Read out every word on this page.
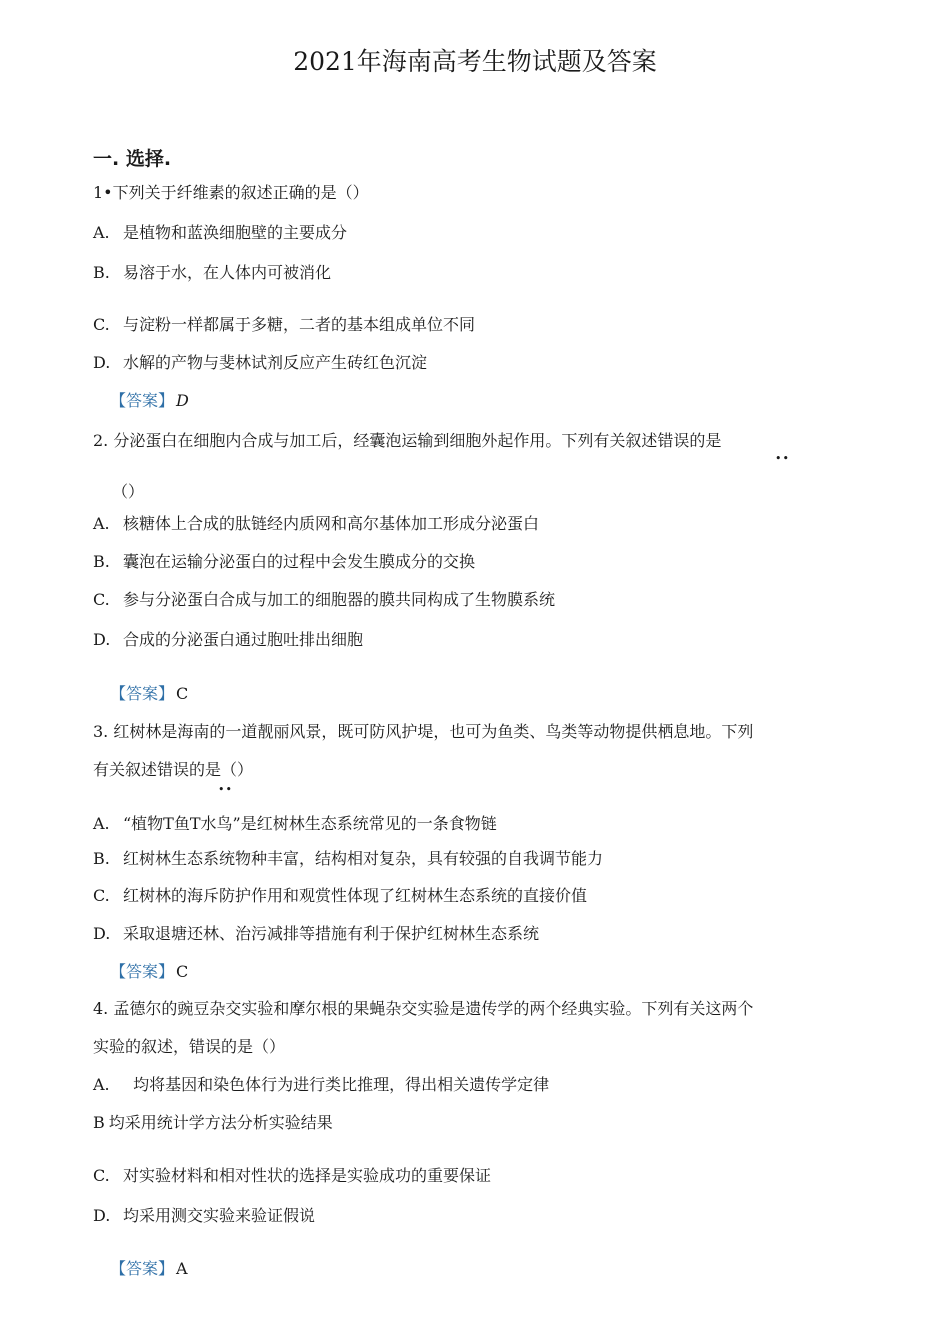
2021年海南高考生物试题及答案
一. 选择.
1•下列关于纤维素的叙述正确的是（）
A. 是植物和蓝涣细胞壁的主要成分
B. 易溶于水，在人体内可被消化
C. 与淀粉一样都属于多糖，二者的基本组成单位不同
D. 水解的产物与斐林试剂反应产生砖红色沉淀
【答案】 D
2. 分泌蛋白在细胞内合成与加工后，经囊泡运输到细胞外起作用。下列有关叙述错误的是
••
（）
A. 核糖体上合成的肽链经内质网和高尔基体加工形成分泌蛋白
B. 囊泡在运输分泌蛋白的过程中会发生膜成分的交换
C. 参与分泌蛋白合成与加工的细胞器的膜共同构成了生物膜系统
D. 合成的分泌蛋白通过胞吐排出细胞
【答案】 C
3. 红树林是海南的一道靓丽风景，既可防风护堤，也可为鱼类、鸟类等动物提供栖息地。下列
有关叙述错误的是（）
••
A. “植物T鱼T水鸟”是红树林生态系统常见的一条食物链
B. 红树林生态系统物种丰富，结构相对复杂，具有较强的自我调节能力
C. 红树林的海斥防护作用和观赏性体现了红树林生态系统的直接价值
D. 采取退塘还林、治污减排等措施有利于保护红树林生态系统
【答案】 C
4. 孟德尔的豌豆杂交实验和摩尔根的果蝇杂交实验是遗传学的两个经典实验。下列有关这两个
实验的叙述，错误的是（）
A.  均将基因和染色体行为进行类比推理，得出相关遗传学定律
B 均采用统计学方法分析实验结果
C. 对实验材料和相对性状的选择是实验成功的重要保证
D. 均采用测交实验来验证假说
【答案】 A
